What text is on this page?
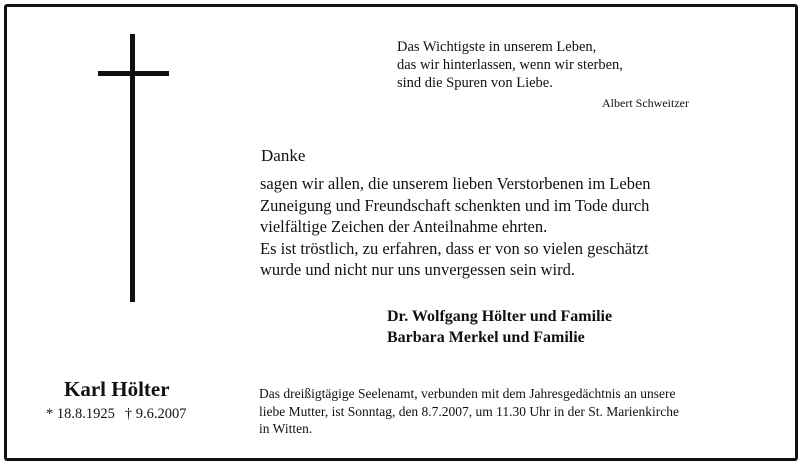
Das Wichtigste in unserem Leben,
das wir hinterlassen, wenn wir sterben,
sind die Spuren von Liebe.
Albert Schweitzer
Danke
sagen wir allen, die unserem lieben Verstorbenen im Leben
Zuneigung und Freundschaft schenkten und im Tode durch
vielfältige Zeichen der Anteilnahme ehrten.
Es ist tröstlich, zu erfahren, dass er von so vielen geschätzt
wurde und nicht nur uns unvergessen sein wird.
Dr. Wolfgang Hölter und Familie
Barbara Merkel und Familie
Karl Hölter
* 18.8.1925 † 9.6.2007
Das dreißigtägige Seelenamt, verbunden mit dem Jahresgedächtnis an unsere
liebe Mutter, ist Sonntag, den 8.7.2007, um 11.30 Uhr in der St. Marienkirche
in Witten.
